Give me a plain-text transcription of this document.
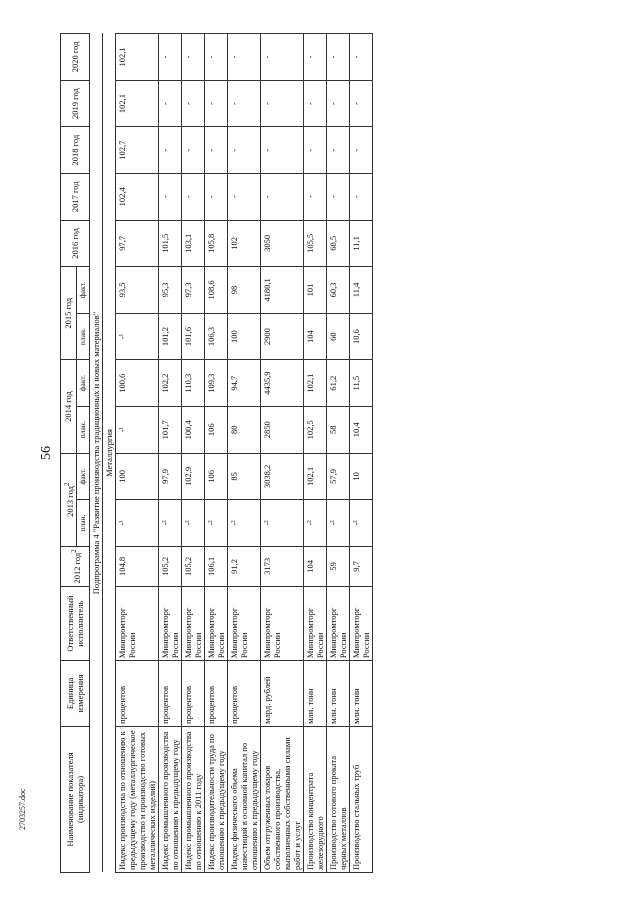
56
2703257.doc	Наименование показателя (индикатора)	Единица измерения	Ответственный исполнитель	2012 год$^2$	2013 год$^2$		2014 год		2015 год		2016 год	2017 год	2018 год	2019 год	2020 год
				план.	факт.	план.	факт.	план.	факт.					
Подпрограмма 4 "Развитие производства традиционных и новых материалов"														
Металлургия														
Индекс производства по отношению к предыдущему году (металлургическое производство и производство готовых металлических изделий)	процентов	Минпромторг России	104,8	-¹	100	-¹	100,6	-¹	93,5	97,7	102,4	102,7	102,1	102,1
Индекс промышленного производства по отношению к предыдущему году	процентов	Минпромторг России	105,2	-²	97,9	101,7	102,2	101,2	95,3	101,5	-	-	-	-
Индекс промышленного производства по отношению к 2011 году	процентов	Минпромторг России	105,2	-²	102,9	100,4	110,3	101,6	97,3	103,1	-	-	-	-
Индекс производительности труда по отношению к предыдущему году	процентов	Минпромторг России	106,1	-²	106	106	109,3	106,3	108,6	105,8	-	-	-	-
Индекс физического объема инвестиций в основной капитал по отношению к предыдущему году	процентов	Минпромторг России	91,2	-²	85	80	94,7	100	98	102	-	-	-	-
Объем отгруженных товаров собственного производства, выполненных собственными силами работ и услуг	млрд. рублей	Минпромторг России	3173	-²	3038,2	2850	4435,9	2900	4180,1	3050	-	-	-	-
Производство концентрата железорудного	млн. тонн	Минпромторг России	104	-²	102,1	102,5	102,1	104	101	105,5	-	-	-	-
Производство готового проката черных металлов	млн. тонн	Минпромторг России	59	-²	57,9	58	61,2	60	60,3	60,5	-	-	-	-
Производство стальных труб	млн. тонн	Минпромторг России	9,7	-²	10	10,4	11,5	10,6	11,4	11,1	-	-	-	-
